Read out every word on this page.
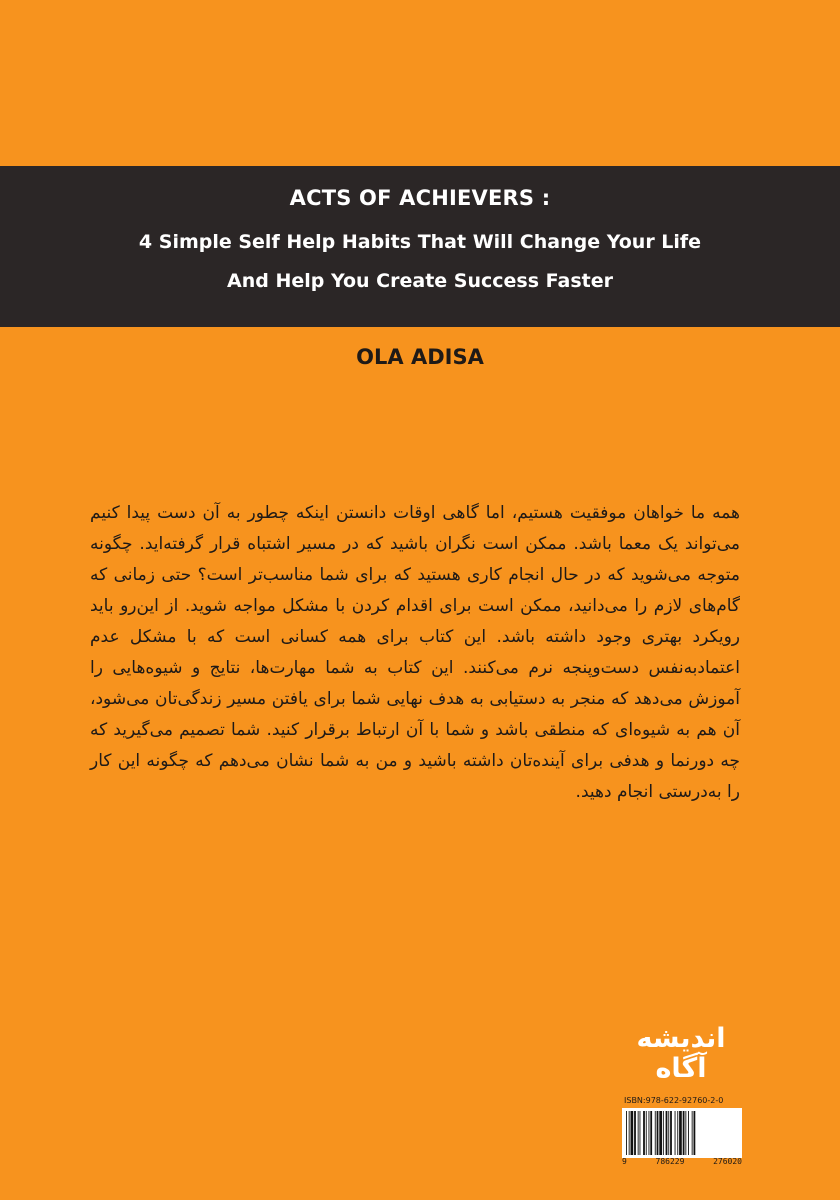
ACTS OF ACHIEVERS :
4 Simple Self Help Habits That Will Change Your Life
And Help You Create Success Faster
OLA ADISA
همه ما خواهان موفقیت هستیم، اما گاهی اوقات دانستن اینکه چطور به آن دست پیدا کنیم می‌تواند یک معما باشد. ممکن است نگران باشید که در مسیر اشتباه قرار گرفته‌اید. چگونه متوجه می‌شوید که در حال انجام کاری هستید که برای شما مناسب‌تر است؟ حتی زمانی که گام‌های لازم را می‌دانید، ممکن است برای اقدام کردن با مشکل مواجه شوید. از این‌رو باید رویکرد بهتری وجود داشته باشد. این کتاب برای همه کسانی است که با مشکل عدم اعتمادبه‌نفس دست‌وپنجه نرم می‌کنند. این کتاب به شما مهارت‌ها، نتایج و شیوه‌هایی را آموزش می‌دهد که منجر به دستیابی به هدف نهایی شما برای یافتن مسیر زندگی‌تان می‌شود، آن هم به شیوه‌ای که منطقی باشد و شما با آن ارتباط برقرار کنید. شما تصمیم می‌گیرید که چه دورنما و هدفی برای آینده‌تان داشته باشید و من به شما نشان می‌دهم که چگونه این کار را به‌درستی انجام دهید.
اندیشه
آگاه
ISBN:978-622-92760-2-0
9	786229	276020
